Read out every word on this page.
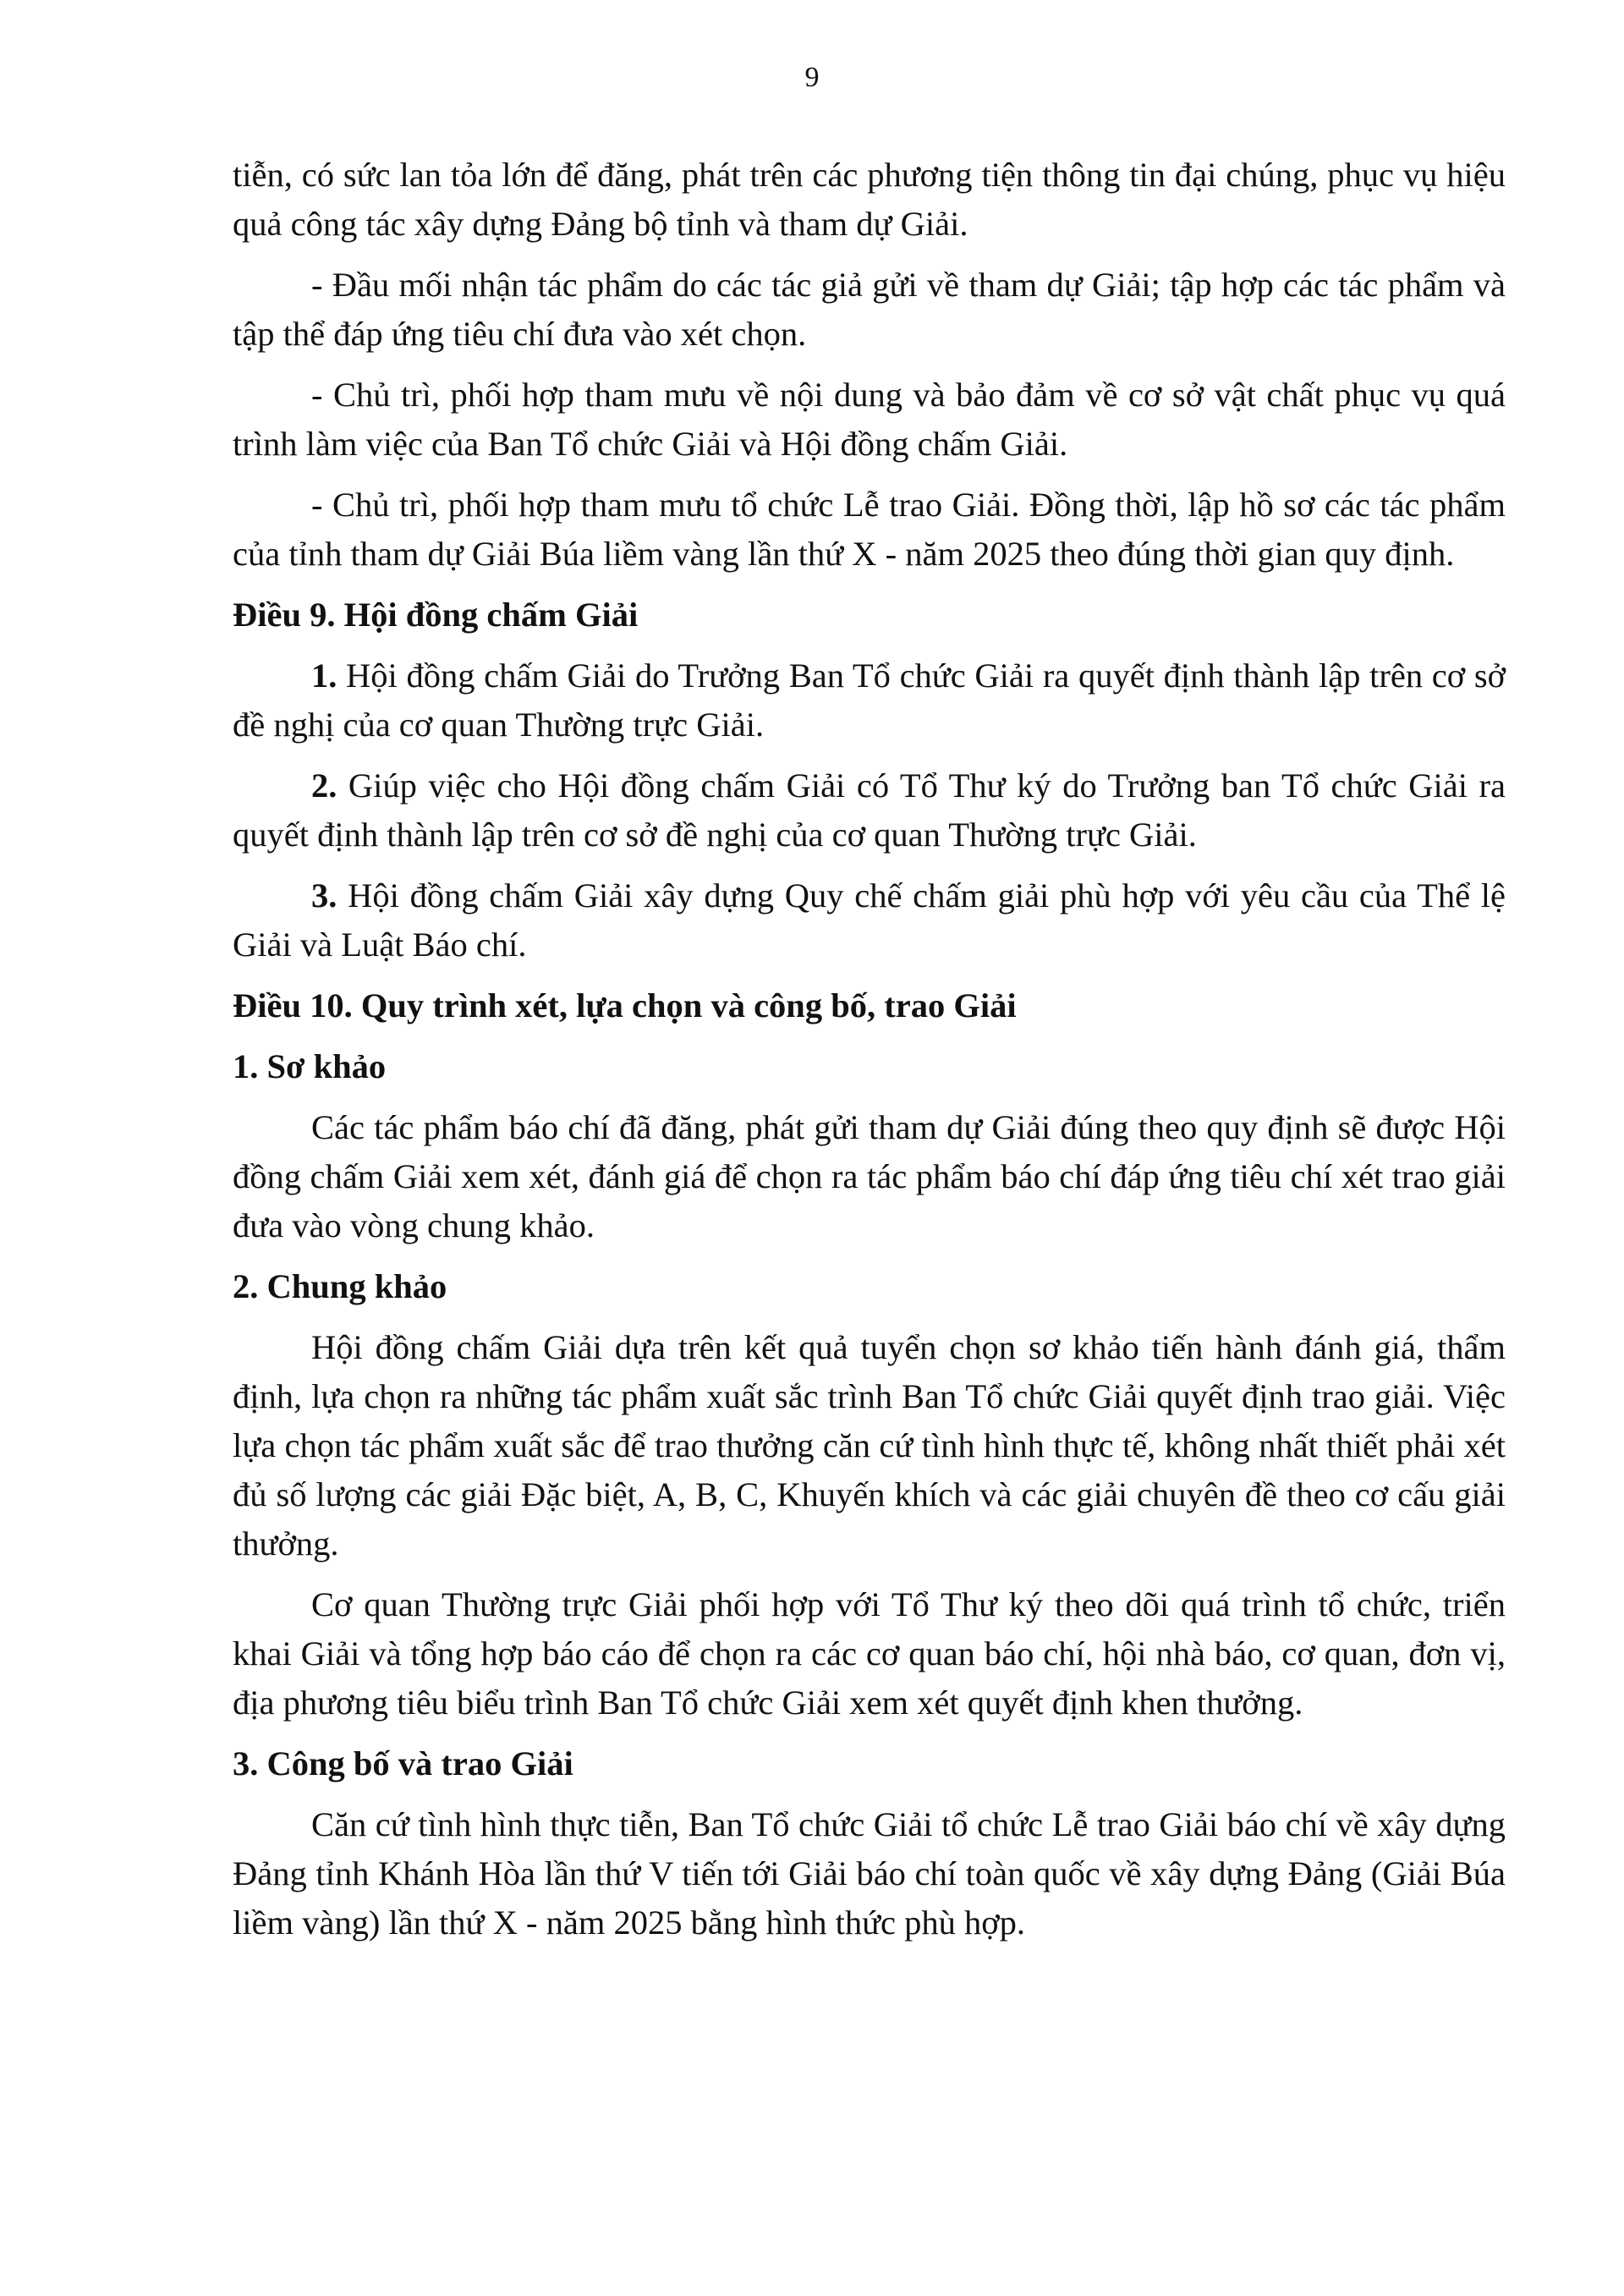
9

tiễn, có sức lan tỏa lớn để đăng, phát trên các phương tiện thông tin đại chúng, phục vụ hiệu quả công tác xây dựng Đảng bộ tỉnh và tham dự Giải.

- Đầu mối nhận tác phẩm do các tác giả gửi về tham dự Giải; tập hợp các tác phẩm và tập thể đáp ứng tiêu chí đưa vào xét chọn.

- Chủ trì, phối hợp tham mưu về nội dung và bảo đảm về cơ sở vật chất phục vụ quá trình làm việc của Ban Tổ chức Giải và Hội đồng chấm Giải.

- Chủ trì, phối hợp tham mưu tổ chức Lễ trao Giải. Đồng thời, lập hồ sơ các tác phẩm của tỉnh tham dự Giải Búa liềm vàng lần thứ X - năm 2025 theo đúng thời gian quy định.

Điều 9. Hội đồng chấm Giải

1. Hội đồng chấm Giải do Trưởng Ban Tổ chức Giải ra quyết định thành lập trên cơ sở đề nghị của cơ quan Thường trực Giải.

2. Giúp việc cho Hội đồng chấm Giải có Tổ Thư ký do Trưởng ban Tổ chức Giải ra quyết định thành lập trên cơ sở đề nghị của cơ quan Thường trực Giải.

3. Hội đồng chấm Giải xây dựng Quy chế chấm giải phù hợp với yêu cầu của Thể lệ Giải và Luật Báo chí.

Điều 10. Quy trình xét, lựa chọn và công bố, trao Giải

1. Sơ khảo

Các tác phẩm báo chí đã đăng, phát gửi tham dự Giải đúng theo quy định sẽ được Hội đồng chấm Giải xem xét, đánh giá để chọn ra tác phẩm báo chí đáp ứng tiêu chí xét trao giải đưa vào vòng chung khảo.

2. Chung khảo

Hội đồng chấm Giải dựa trên kết quả tuyển chọn sơ khảo tiến hành đánh giá, thẩm định, lựa chọn ra những tác phẩm xuất sắc trình Ban Tổ chức Giải quyết định trao giải. Việc lựa chọn tác phẩm xuất sắc để trao thưởng căn cứ tình hình thực tế, không nhất thiết phải xét đủ số lượng các giải Đặc biệt, A, B, C, Khuyến khích và các giải chuyên đề theo cơ cấu giải thưởng.

Cơ quan Thường trực Giải phối hợp với Tổ Thư ký theo dõi quá trình tổ chức, triển khai Giải và tổng hợp báo cáo để chọn ra các cơ quan báo chí, hội nhà báo, cơ quan, đơn vị, địa phương tiêu biểu trình Ban Tổ chức Giải xem xét quyết định khen thưởng.

3. Công bố và trao Giải

Căn cứ tình hình thực tiễn, Ban Tổ chức Giải tổ chức Lễ trao Giải báo chí về xây dựng Đảng tỉnh Khánh Hòa lần thứ V tiến tới Giải báo chí toàn quốc về xây dựng Đảng (Giải Búa liềm vàng) lần thứ X - năm 2025 bằng hình thức phù hợp.
